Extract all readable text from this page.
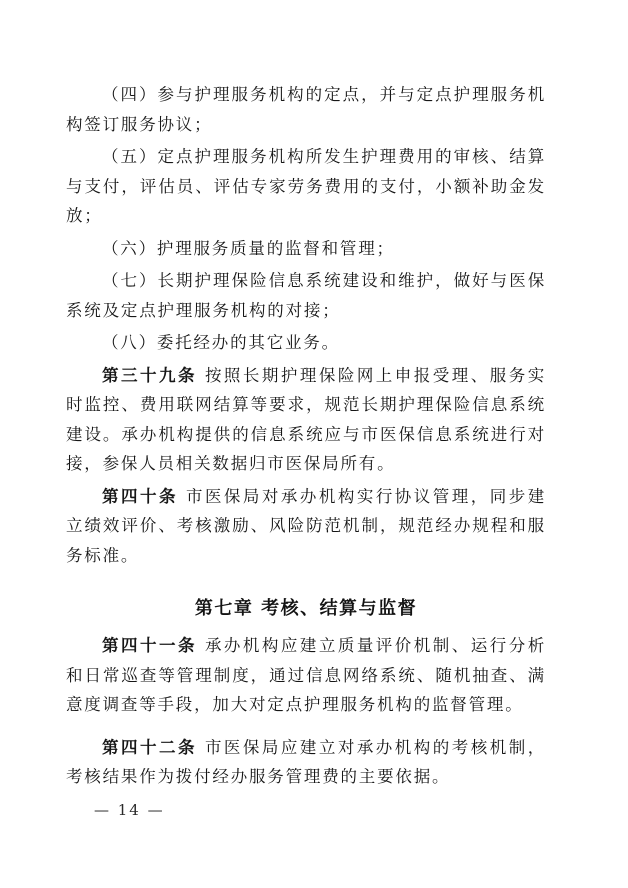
（四）参与护理服务机构的定点，并与定点护理服务机构签订服务协议；

（五）定点护理服务机构所发生护理费用的审核、结算与支付，评估员、评估专家劳务费用的支付，小额补助金发放；

（六）护理服务质量的监督和管理；

（七）长期护理保险信息系统建设和维护，做好与医保系统及定点护理服务机构的对接；

（八）委托经办的其它业务。

第三十九条 按照长期护理保险网上申报受理、服务实时监控、费用联网结算等要求，规范长期护理保险信息系统建设。承办机构提供的信息系统应与市医保信息系统进行对接，参保人员相关数据归市医保局所有。

第四十条 市医保局对承办机构实行协议管理，同步建立绩效评价、考核激励、风险防范机制，规范经办规程和服务标准。

第七章 考核、结算与监督

第四十一条 承办机构应建立质量评价机制、运行分析和日常巡查等管理制度，通过信息网络系统、随机抽查、满意度调查等手段，加大对定点护理服务机构的监督管理。

第四十二条 市医保局应建立对承办机构的考核机制，考核结果作为拨付经办服务管理费的主要依据。

— 14 —
